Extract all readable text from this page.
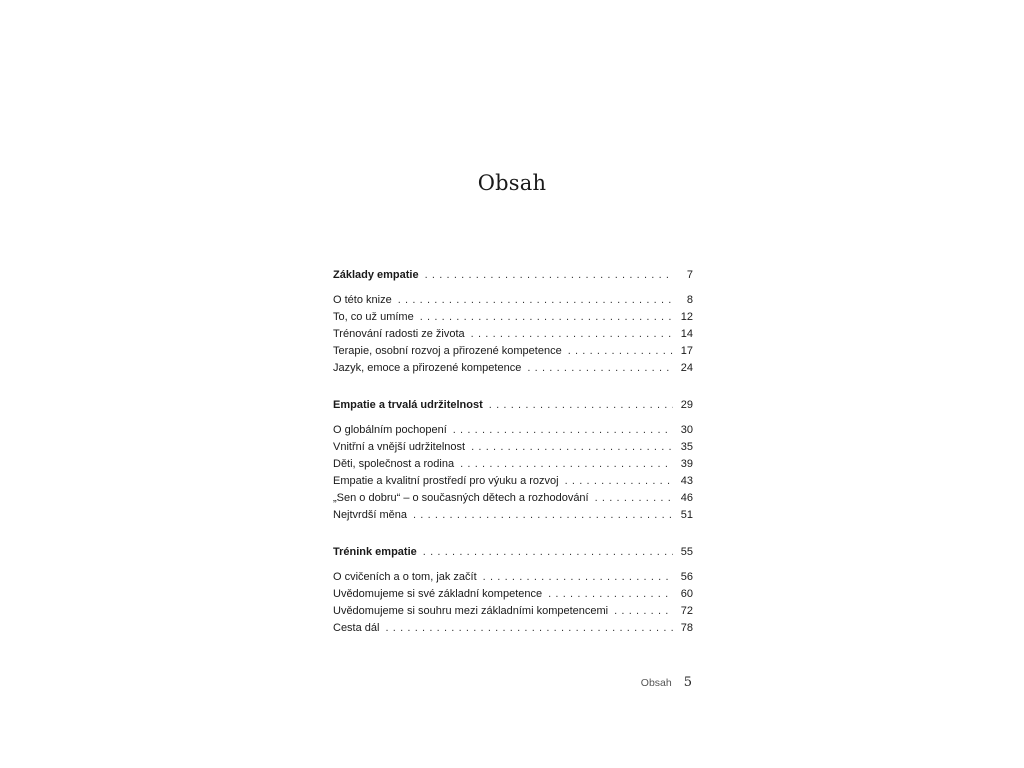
Obsah
Základy empatie . . .	7
O této knize . . .	8
To, co už umíme . . .	12
Trénování radosti ze života . . .	14
Terapie, osobní rozvoj a přirozené kompetence . . .	17
Jazyk, emoce a přirozené kompetence . . .	24
Empatie a trvalá udržitelnost . . .	29
O globálním pochopení . . .	30
Vnitřní a vnější udržitelnost . . .	35
Děti, společnost a rodina . . .	39
Empatie a kvalitní prostředí pro výuku a rozvoj . . .	43
„Sen o dobru“ – o současných dětech a rozhodování . . .	46
Nejtvrdší měna . . .	51
Trénink empatie . . .	55
O cvičeních a o tom, jak začít . . .	56
Uvědomujeme si své základní kompetence . . .	60
Uvědomujeme si souhru mezi základními kompetencemi . . .	72
Cesta dál . . .	78
Obsah 5
